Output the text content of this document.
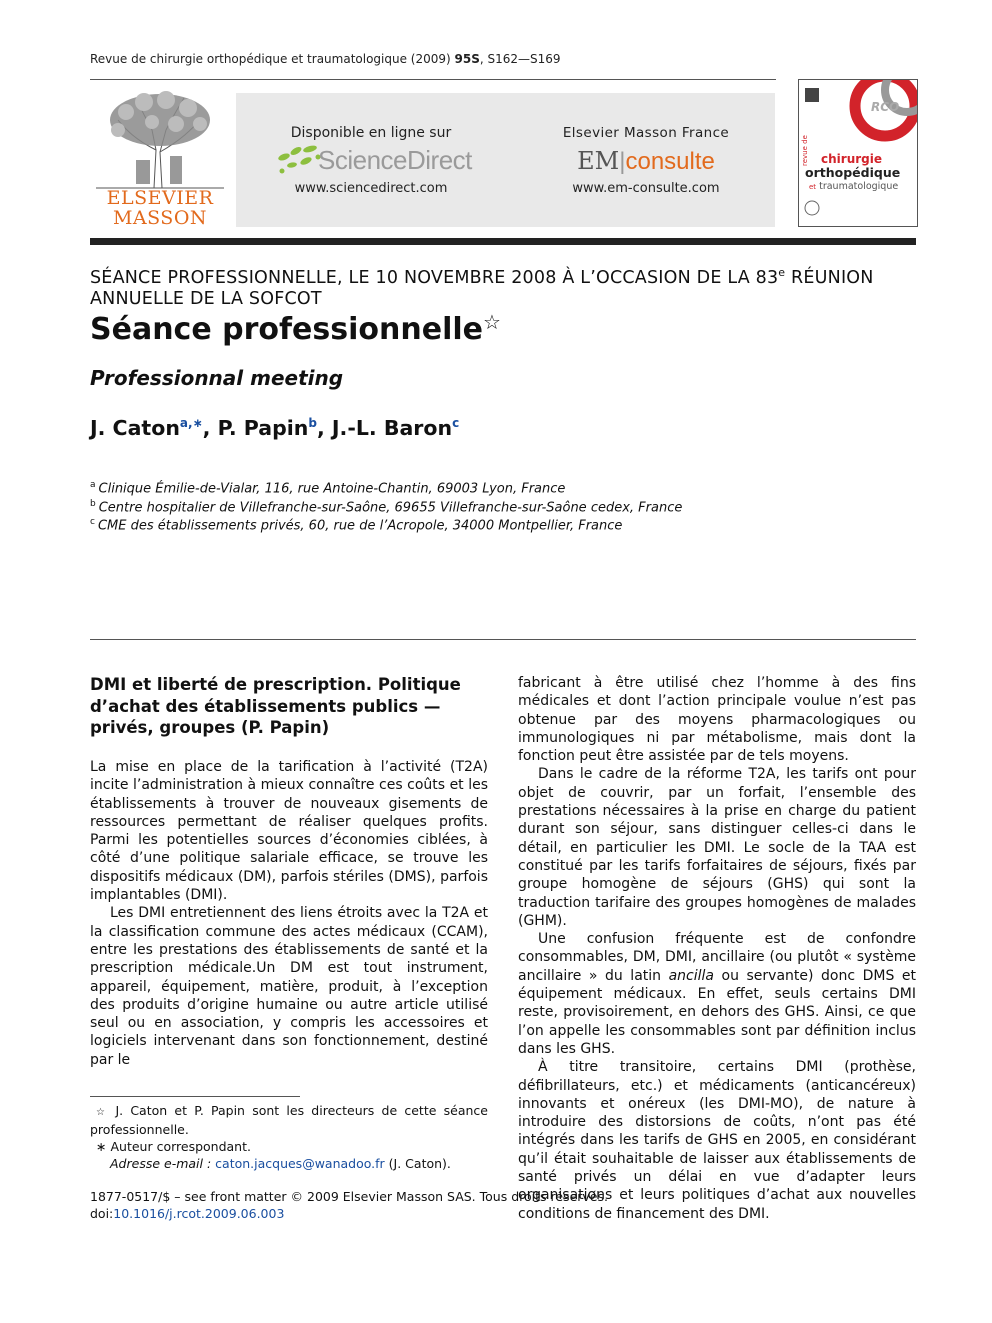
Revue de chirurgie orthopédique et traumatologique (2009) 95S, S162—S169
ELSEVIER
MASSON
Disponible en ligne sur
ScienceDirect
www.sciencedirect.com
Elsevier Masson France
EM|consulte
www.em-consulte.com
RCO
revue de chirurgie
orthopédique
et traumatologique
SÉANCE PROFESSIONNELLE, LE 10 NOVEMBRE 2008 À L’OCCASION DE LA 83e RÉUNION
ANNUELLE DE LA SOFCOT
Séance professionnelle☆
Professionnal meeting
J. Caton$^{a,∗}$, P. Papin$^b$, J.-L. Baron$^c$
$^a$ Clinique Émilie-de-Vialar, 116, rue Antoine-Chantin, 69003 Lyon, France
$^b$ Centre hospitalier de Villefranche-sur-Saône, 69655 Villefranche-sur-Saône cedex, France
$^c$ CME des établissements privés, 60, rue de l’Acropole, 34000 Montpellier, France
DMI et liberté de prescription. Politique d’achat des établissements publics — privés, groupes (P. Papin)

La mise en place de la tarification à l’activité (T2A) incite l’administration à mieux connaître ces coûts et les établissements à trouver de nouveaux gisements de ressources permettant de réaliser quelques profits. Parmi les potentielles sources d’économies ciblées, à côté d’une politique salariale efficace, se trouve les dispositifs médicaux (DM), parfois stériles (DMS), parfois implantables (DMI).

Les DMI entretiennent des liens étroits avec la T2A et la classification commune des actes médicaux (CCAM), entre les prestations des établissements de santé et la prescription médicale.Un DM est tout instrument, appareil, équipement, matière, produit, à l’exception des produits d’origine humaine ou autre article utilisé seul ou en association, y compris les accessoires et logiciels intervenant dans son fonctionnement, destiné par le

fabricant à être utilisé chez l’homme à des fins médicales et dont l’action principale voulue n’est pas obtenue par des moyens pharmacologiques ou immunologiques ni par métabolisme, mais dont la fonction peut être assistée par de tels moyens.

Dans le cadre de la réforme T2A, les tarifs ont pour objet de couvrir, par un forfait, l’ensemble des prestations nécessaires à la prise en charge du patient durant son séjour, sans distinguer celles-ci dans le détail, en particulier les DMI. Le socle de la TAA est constitué par les tarifs forfaitaires de séjours, fixés par groupe homogène de séjours (GHS) qui sont la traduction tarifaire des groupes homogènes de malades (GHM).

Une confusion fréquente est de confondre consommables, DM, DMI, ancillaire (ou plutôt « système ancillaire » du latin ancilla ou servante) donc DMS et équipement médicaux. En effet, seuls certains DMI reste, provisoirement, en dehors des GHS. Ainsi, ce que l’on appelle les consommables sont par définition inclus dans les GHS.

À titre transitoire, certains DMI (prothèse, défibrillateurs, etc.) et médicaments (anticancéreux) innovants et onéreux (les DMI-MO), de nature à introduire des distorsions de coûts, n’ont pas été intégrés dans les tarifs de GHS en 2005, en considérant qu’il était souhaitable de laisser aux établissements de santé privés un délai en vue d’adapter leurs organisations et leurs politiques d’achat aux nouvelles conditions de financement des DMI.

☆ J. Caton et P. Papin sont les directeurs de cette séance professionnelle.
∗ Auteur correspondant.
Adresse e-mail : caton.jacques@wanadoo.fr (J. Caton).
1877-0517/$ – see front matter © 2009 Elsevier Masson SAS. Tous droits réservés.
doi:10.1016/j.rcot.2009.06.003
